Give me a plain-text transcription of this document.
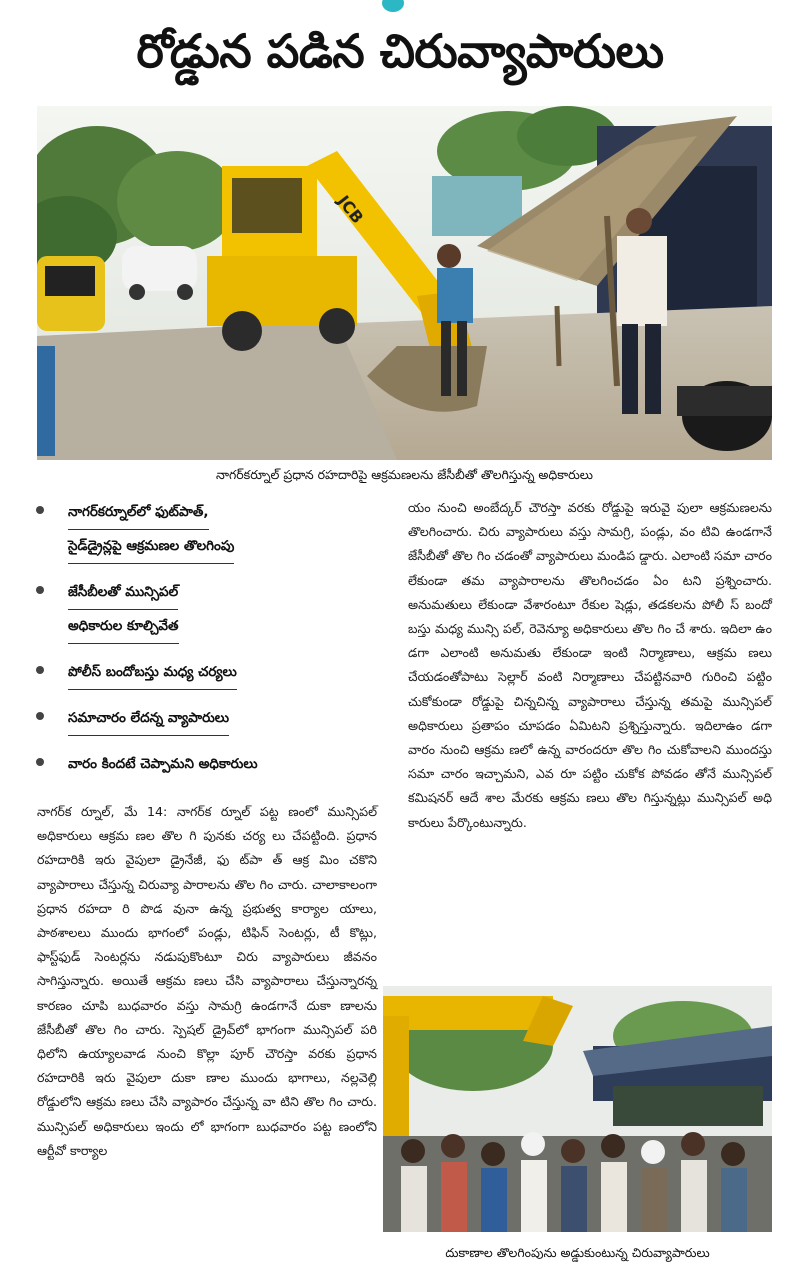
రోడ్డున పడిన చిరువ్యాపారులు
JCB
నాగర్‌కర్నూల్ ప్రధాన రహదారిపై ఆక్రమణలను జేసీబీతో తొలగిస్తున్న అధికారులు
నాగర్‌కర్నూల్‌లో ఫుట్‌పాత్,
సైడ్‌డ్రైన్లపై ఆక్రమణల తొలగింపు
జేసీబీలతో మున్సిపల్
అధికారుల కూల్చివేత
పోలీస్ బందోబస్తు మధ్య చర్యలు
సమాచారం లేదన్న వ్యాపారులు
వారం కిందటే చెప్పామని అధికారులు

నాగర్‌క ర్నూల్, మే 14: నాగర్‌క ర్నూల్ పట్ట ణంలో మున్సిపల్ అధికారులు ఆక్రమ ణల తొల గి పునకు చర్య లు చేపట్టింది. ప్రధాన రహదారికి ఇరు వైపులా డ్రైనేజీ, ఫు ట్‌పా త్‌ ఆక్ర మిం చకొని వ్యాపారాలు చేస్తున్న చిరువ్యా పారాలను తొల గిం చారు. చాలాకాలంగా ప్రధాన రహదా రి పొడ వునా ఉన్న ప్రభుత్వ కార్యాల యాలు, పాఠశాలలు ముందు భాగంలో పండ్లు, టిఫిన్ సెంటర్లు, టీ కొట్లు, ఫాస్ట్‌ఫుడ్ సెంటర్లను నడుపుకొంటూ చిరు వ్యాపారులు జీవనం సాగిస్తున్నారు. అయితే ఆక్రమ ణలు చేసి వ్యాపారాలు చేస్తున్నారన్న కారణం చూపి బుధవారం వస్తు సామగ్రి ఉండగానే దుకా ణాలను జేసీబీతో తొల గిం చారు. స్పెషల్ డ్రైవ్‌లో భాగంగా మున్సిపల్ పరి ధిలోని ఉయ్యాలవాడ నుంచి కొల్లా పూర్ చౌరస్తా వరకు ప్రధాన రహదారికి ఇరు వైపులా దుకా ణాల ముందు భాగాలు, నల్లవెల్లి రోడ్డులోని ఆక్రమ ణలు చేసి వ్యాపారం చేస్తున్న వా టిని తొల గిం చారు. మున్సిపల్ అధికారులు ఇందు లో భాగంగా బుధవారం పట్ట ణంలోని ఆర్టీవో కార్యాల

యం నుంచి అంబేద్కర్ చౌరస్తా వరకు రోడ్డుపై ఇరువై పులా ఆక్రమణలను తొలగించారు. చిరు వ్యాపారులు వస్తు సామగ్రి, పండ్లు, వం టివి ఉండగానే జేసీబీతో తొల గిం చడంతో వ్యాపారులు మండిప డ్డారు. ఎలాంటి సమా చారం లేకుండా తమ వ్యాపారాలను తొలగించడం ఏం టని ప్రశ్నించారు. అనుమతులు లేకుండా వేశారంటూ రేకుల షెడ్లు, తడకలను పోలీ స్ బందో బస్తు మధ్య మున్సి పల్, రెవెన్యూ అధికారులు తొల గిం చే శారు. ఇదిలా ఉం డగా ఎలాంటి అనుమతు లేకుండా ఇంటి నిర్మాణాలు, ఆక్రమ ణలు చేయడంతోపాటు సెల్లార్ వంటి నిర్మాణాలు చేపట్టినవారి గురించి పట్టిం చుకోకుండా రోడ్డుపై చిన్నచిన్న వ్యాపారాలు చేస్తున్న తమపై మున్సిపల్ అధికారులు ప్రతాపం చూపడం ఏమిటని ప్రశ్నిస్తున్నారు. ఇదిలాఉం డగా వారం నుంచి ఆక్రమ ణలో ఉన్న వారందరూ తొల గిం చుకోవాలని ముందస్తు సమా చారం ఇచ్చామని, ఎవ రూ పట్టిం చుకోక పోవడం తోనే మున్సిపల్ కమిషనర్ ఆదే శాల మేరకు ఆక్రమ ణలు తొల గిస్తున్నట్లు మున్సిపల్ అధి కారులు పేర్కొంటున్నారు.

దుకాణాల తొలగింపును అడ్డుకుంటున్న చిరువ్యాపారులు
